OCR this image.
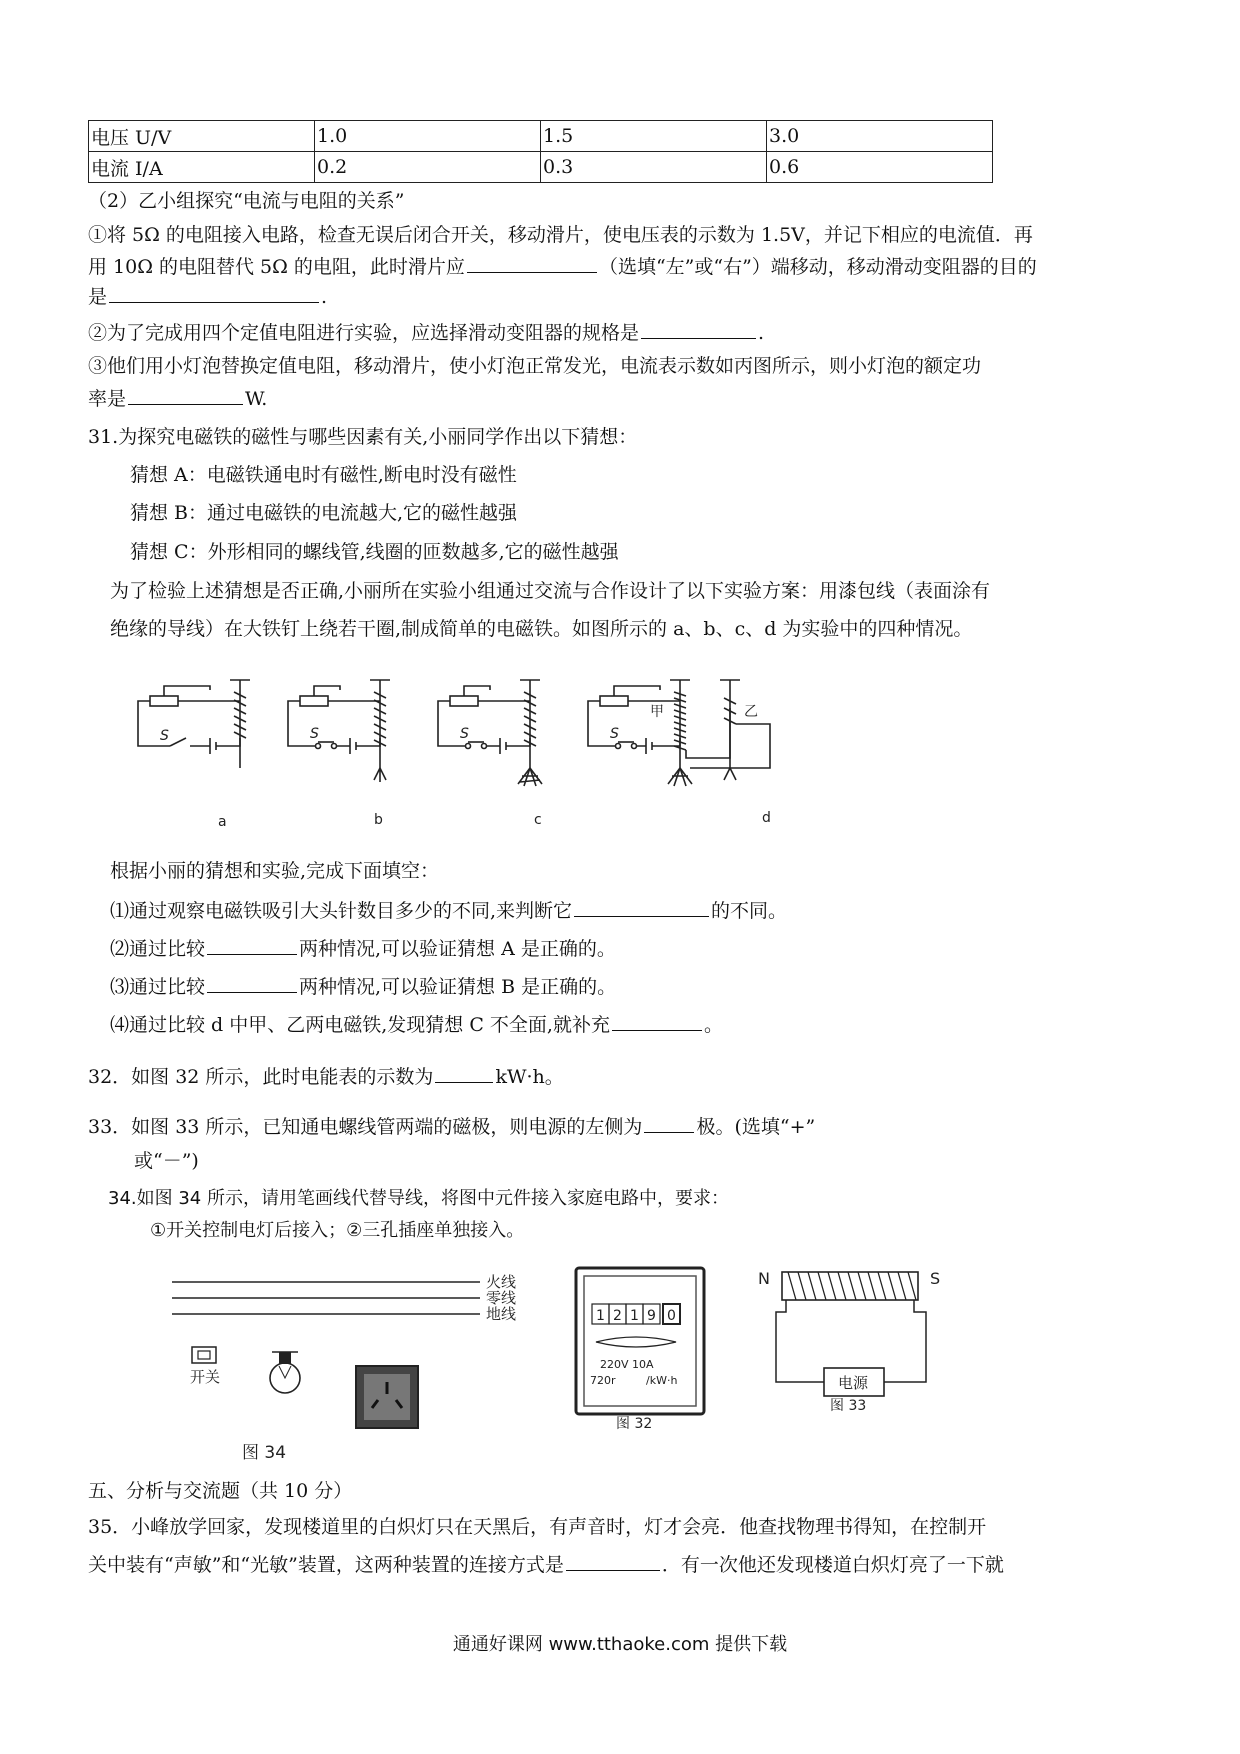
电压 U/V	1.0	1.5	3.0
电流 I/A	0.2	0.3	0.6
（2）乙小组探究“电流与电阻的关系”
①将 5Ω 的电阻接入电路，检查无误后闭合开关，移动滑片，使电压表的示数为 1.5V，并记下相应的电流值．再
用 10Ω 的电阻替代 5Ω 的电阻，此时滑片应	（选填“左”或“右”）端移动，移动滑动变阻器的目的
是	.
②为了完成用四个定值电阻进行实验，应选择滑动变阻器的规格是	.
③他们用小灯泡替换定值电阻，移动滑片，使小灯泡正常发光，电流表示数如丙图所示，则小灯泡的额定功
率是	W.
31.为探究电磁铁的磁性与哪些因素有关,小丽同学作出以下猜想：
猜想 A：电磁铁通电时有磁性,断电时没有磁性
猜想 B：通过电磁铁的电流越大,它的磁性越强
猜想 C：外形相同的螺线管,线圈的匝数越多,它的磁性越强
为了检验上述猜想是否正确,小丽所在实验小组通过交流与合作设计了以下实验方案：用漆包线（表面涂有
绝缘的导线）在大铁钉上绕若干圈,制成简单的电磁铁。如图所示的 a、b、c、d 为实验中的四种情况。
S	S	S	S
甲	乙
a	b	c	d
根据小丽的猜想和实验,完成下面填空：
⑴通过观察电磁铁吸引大头针数目多少的不同,来判断它	的不同。
⑵通过比较	两种情况,可以验证猜想 A 是正确的。
⑶通过比较	两种情况,可以验证猜想 B 是正确的。
⑷通过比较 d 中甲、乙两电磁铁,发现猜想 C 不全面,就补充	。
32．如图 32 所示，此时电能表的示数为	kW·h。
33．如图 33 所示，已知通电螺线管两端的磁极，则电源的左侧为	极。(选填“+”
或“－”)
34.如图 34 所示，请用笔画线代替导线，将图中元件接入家庭电路中，要求：
①开关控制电灯后接入；②三孔插座单独接入。
火线
零线
地线
开关
图 34
1 2 1 9 0
220V 10A
720r	/kW·h
图 32
N	S
电源
图 33
五、分析与交流题（共 10 分）
35．小峰放学回家，发现楼道里的白炽灯只在天黑后，有声音时，灯才会亮．他查找物理书得知，在控制开
关中装有“声敏”和“光敏”装置，这两种装置的连接方式是	．有一次他还发现楼道白炽灯亮了一下就
通通好课网 www.tthaoke.com 提供下载
